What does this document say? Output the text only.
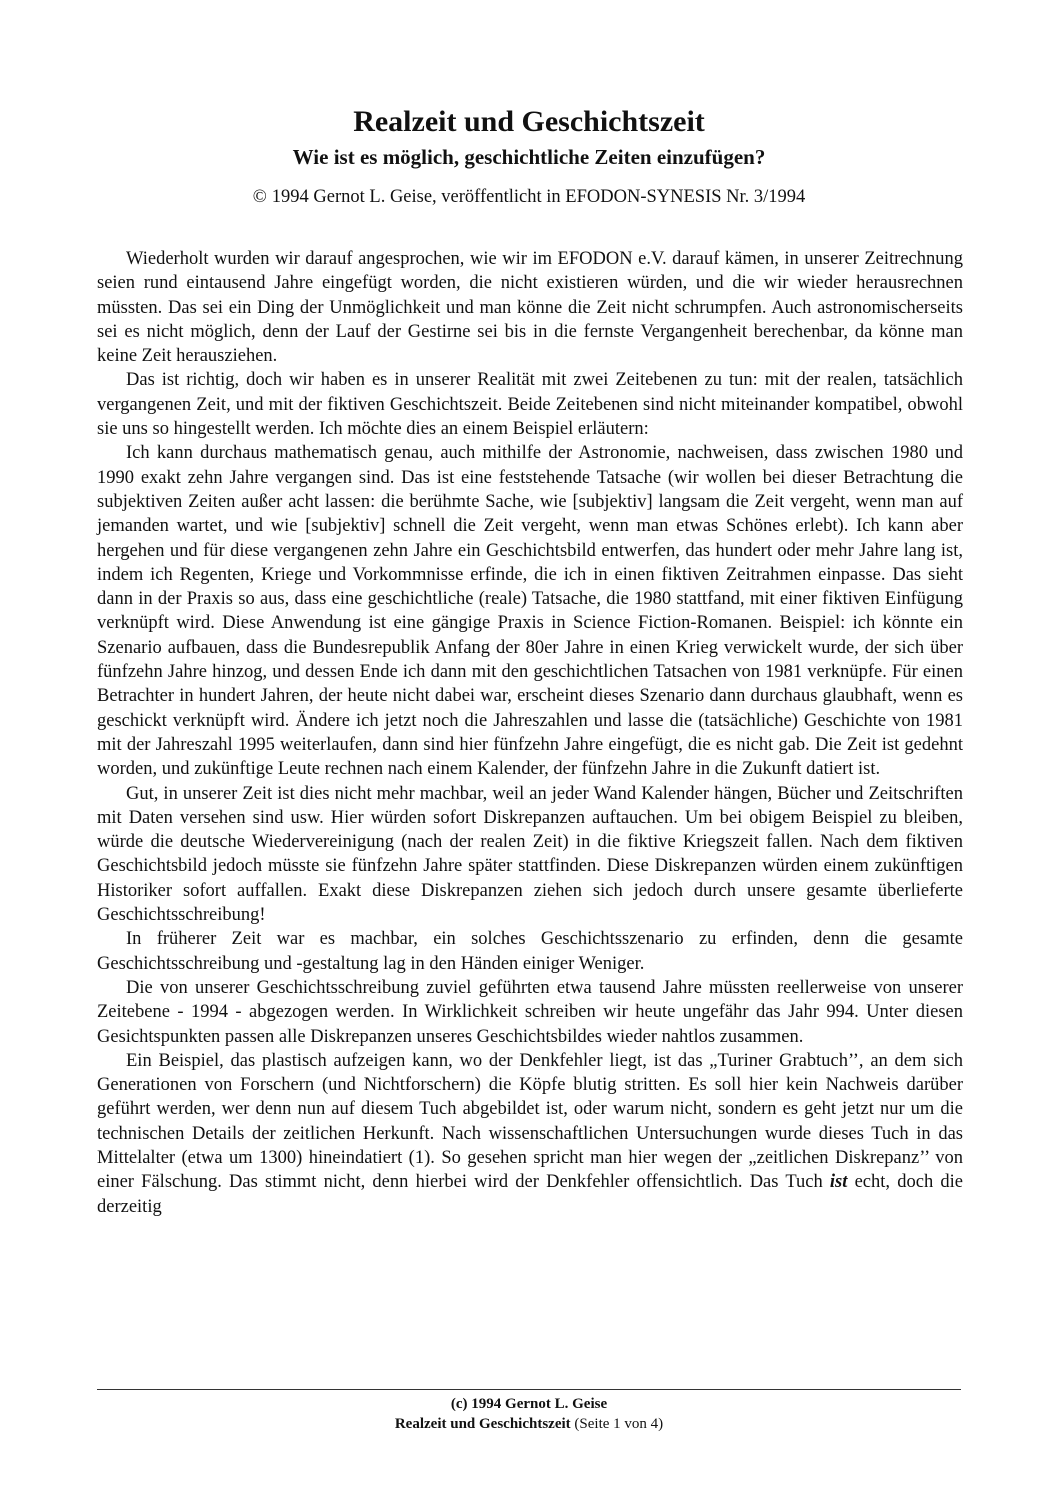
Realzeit und Geschichtszeit
Wie ist es möglich, geschichtliche Zeiten einzufügen?
© 1994 Gernot L. Geise, veröffentlicht in EFODON-SYNESIS Nr. 3/1994

Wiederholt wurden wir darauf angesprochen, wie wir im EFODON e.V. darauf kämen, in unserer Zeitrechnung seien rund eintausend Jahre eingefügt worden, die nicht existieren würden, und die wir wieder herausrechnen müssten. Das sei ein Ding der Unmöglichkeit und man könne die Zeit nicht schrumpfen. Auch astronomischerseits sei es nicht möglich, denn der Lauf der Gestirne sei bis in die fernste Vergangenheit berechenbar, da könne man keine Zeit herausziehen.

Das ist richtig, doch wir haben es in unserer Realität mit zwei Zeitebenen zu tun: mit der realen, tatsächlich vergangenen Zeit, und mit der fiktiven Geschichtszeit. Beide Zeitebenen sind nicht miteinander kompatibel, obwohl sie uns so hingestellt werden. Ich möchte dies an einem Beispiel erläutern:

Ich kann durchaus mathematisch genau, auch mithilfe der Astronomie, nachweisen, dass zwischen 1980 und 1990 exakt zehn Jahre vergangen sind. Das ist eine feststehende Tatsache (wir wollen bei dieser Betrachtung die subjektiven Zeiten außer acht lassen: die berühmte Sache, wie [subjektiv] langsam die Zeit vergeht, wenn man auf jemanden wartet, und wie [subjektiv] schnell die Zeit vergeht, wenn man etwas Schönes erlebt). Ich kann aber hergehen und für diese vergangenen zehn Jahre ein Geschichtsbild entwerfen, das hundert oder mehr Jahre lang ist, indem ich Regenten, Kriege und Vorkommnisse erfinde, die ich in einen fiktiven Zeitrahmen einpasse. Das sieht dann in der Praxis so aus, dass eine geschichtliche (reale) Tatsache, die 1980 stattfand, mit einer fiktiven Einfügung verknüpft wird. Diese Anwendung ist eine gängige Praxis in Science Fiction-Romanen. Beispiel: ich könnte ein Szenario aufbauen, dass die Bundesrepublik Anfang der 80er Jahre in einen Krieg verwickelt wurde, der sich über fünfzehn Jahre hinzog, und dessen Ende ich dann mit den geschichtlichen Tatsachen von 1981 verknüpfe. Für einen Betrachter in hundert Jahren, der heute nicht dabei war, erscheint dieses Szenario dann durchaus glaubhaft, wenn es geschickt verknüpft wird. Ändere ich jetzt noch die Jahreszahlen und lasse die (tatsächliche) Geschichte von 1981 mit der Jahreszahl 1995 weiterlaufen, dann sind hier fünfzehn Jahre eingefügt, die es nicht gab. Die Zeit ist gedehnt worden, und zukünftige Leute rechnen nach einem Kalender, der fünfzehn Jahre in die Zukunft datiert ist.

Gut, in unserer Zeit ist dies nicht mehr machbar, weil an jeder Wand Kalender hängen, Bücher und Zeitschriften mit Daten versehen sind usw. Hier würden sofort Diskrepanzen auftauchen. Um bei obigem Beispiel zu bleiben, würde die deutsche Wiedervereinigung (nach der realen Zeit) in die fiktive Kriegszeit fallen. Nach dem fiktiven Geschichtsbild jedoch müsste sie fünfzehn Jahre später stattfinden. Diese Diskrepanzen würden einem zukünftigen Historiker sofort auffallen. Exakt diese Diskrepanzen ziehen sich jedoch durch unsere gesamte überlieferte Geschichtsschreibung!

In früherer Zeit war es machbar, ein solches Geschichtsszenario zu erfinden, denn die gesamte Geschichtsschreibung und -gestaltung lag in den Händen einiger Weniger.

Die von unserer Geschichtsschreibung zuviel geführten etwa tausend Jahre müssten reellerweise von unserer Zeitebene - 1994 - abgezogen werden. In Wirklichkeit schreiben wir heute ungefähr das Jahr 994. Unter diesen Gesichtspunkten passen alle Diskrepanzen unseres Geschichtsbildes wieder nahtlos zusammen.

Ein Beispiel, das plastisch aufzeigen kann, wo der Denkfehler liegt, ist das „Turiner Grabtuch’’, an dem sich Generationen von Forschern (und Nichtforschern) die Köpfe blutig stritten. Es soll hier kein Nachweis darüber geführt werden, wer denn nun auf diesem Tuch abgebildet ist, oder warum nicht, sondern es geht jetzt nur um die technischen Details der zeitlichen Herkunft. Nach wissenschaftlichen Untersuchungen wurde dieses Tuch in das Mittelalter (etwa um 1300) hineindatiert (1). So gesehen spricht man hier wegen der „zeitlichen Diskrepanz’’ von einer Fälschung. Das stimmt nicht, denn hierbei wird der Denkfehler offensichtlich. Das Tuch ist echt, doch die derzeitig

(c) 1994 Gernot L. Geise
Realzeit und Geschichtszeit (Seite 1 von 4)
